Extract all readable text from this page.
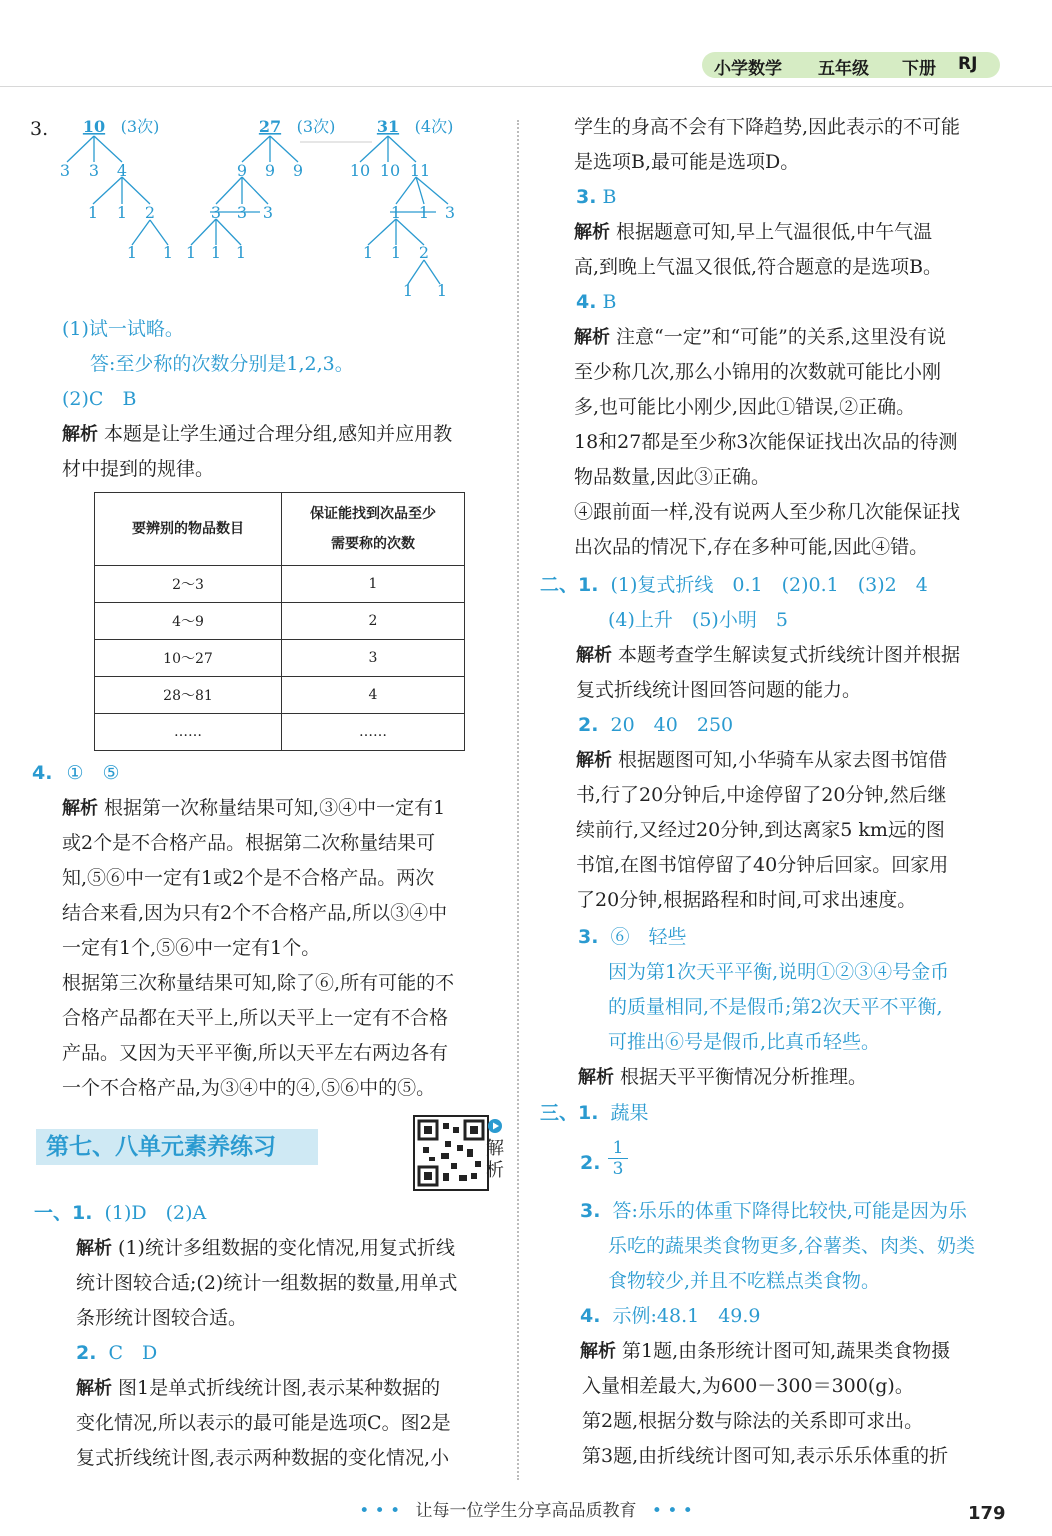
小学数学 五年级 下册 RJ
3. 10 (3次)
3 3 4
1 1 2
1 1
27 (3次)
9 9 9
3 3 3
1 1 1
31 (4次)
10 10 11
1 1 3
1 1 2
1 1
(1)试一试略。
答:至少称的次数分别是1,2,3。
(2)C　B
解析 本题是让学生通过合理分组,感知并应用教
材中提到的规律。
要辨别的物品数目	保证能找到次品至少
需要称的次数

2～3	1
4～9	2
10～27	3
28～81	4
……	……
4. ①　⑤
解析 根据第一次称量结果可知,③④中一定有1
或2个是不合格产品。根据第二次称量结果可
知,⑤⑥中一定有1或2个是不合格产品。两次
结合来看,因为只有2个不合格产品,所以③④中
一定有1个,⑤⑥中一定有1个。
根据第三次称量结果可知,除了⑥,所有可能的不
合格产品都在天平上,所以天平上一定有不合格
产品。又因为天平平衡,所以天平左右两边各有
一个不合格产品,为③④中的④,⑤⑥中的⑤。
第七、八单元素养练习	解析
一、1. (1)D　(2)A
解析 (1)统计多组数据的变化情况,用复式折线
统计图较合适;(2)统计一组数据的数量,用单式
条形统计图较合适。
2. C　D
解析 图1是单式折线统计图,表示某种数据的
变化情况,所以表示的最可能是选项C。图2是
复式折线统计图,表示两种数据的变化情况,小
学生的身高不会有下降趋势,因此表示的不可能
是选项B,最可能是选项D。
3. B
解析 根据题意可知,早上气温很低,中午气温
高,到晚上气温又很低,符合题意的是选项B。
4. B
解析 注意“一定”和“可能”的关系,这里没有说
至少称几次,那么小锦用的次数就可能比小刚
多,也可能比小刚少,因此①错误,②正确。
18和27都是至少称3次能保证找出次品的待测
物品数量,因此③正确。
④跟前面一样,没有说两人至少称几次能保证找
出次品的情况下,存在多种可能,因此④错。
二、1. (1)复式折线　0.1　(2)0.1　(3)2　4
(4)上升　(5)小明　5
解析 本题考查学生解读复式折线统计图并根据
复式折线统计图回答问题的能力。
2. 20　40　250
解析 根据题图可知,小华骑车从家去图书馆借
书,行了20分钟后,中途停留了20分钟,然后继
续前行,又经过20分钟,到达离家5 km远的图
书馆,在图书馆停留了40分钟后回家。回家用
了20分钟,根据路程和时间,可求出速度。
3. ⑥　轻些
因为第1次天平平衡,说明①②③④号金币
的质量相同,不是假币;第2次天平不平衡,
可推出⑥号是假币,比真币轻些。
解析 根据天平平衡情况分析推理。
三、1. 蔬果
2. $\frac{1}{3}$
3. 答:乐乐的体重下降得比较快,可能是因为乐
乐吃的蔬果类食物更多,谷薯类、肉类、奶类
食物较少,并且不吃糕点类食物。
4. 示例:48.1　49.9
解析 第1题,由条形统计图可知,蔬果类食物摄
入量相差最大,为600－300＝300(g)。
第2题,根据分数与除法的关系即可求出。
第3题,由折线统计图可知,表示乐乐体重的折
• • • 让每一位学生分享高品质教育 • • •	179
